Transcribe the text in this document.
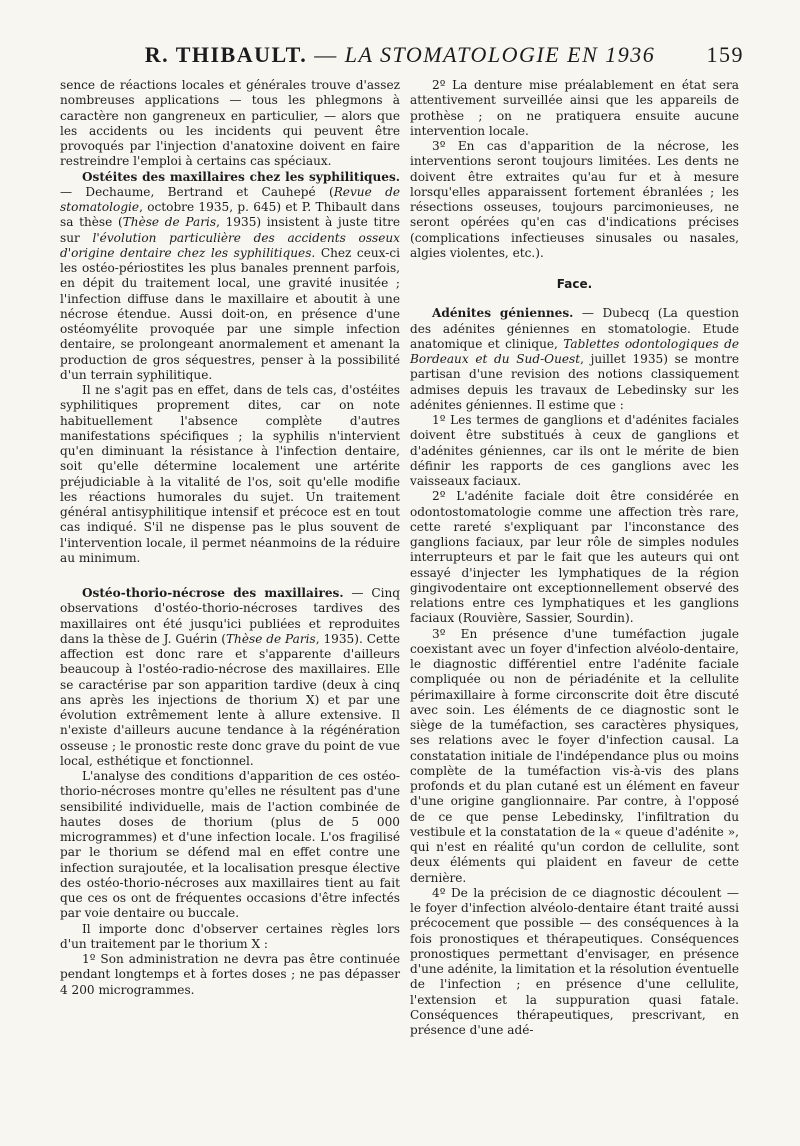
R. THIBAULT. — LA STOMATOLOGIE EN 1936 159

sence de réactions locales et générales trouve d'assez nombreuses applications — tous les phlegmons à caractère non gangreneux en particulier, — alors que les accidents ou les incidents qui peuvent être provoqués par l'injection d'anatoxine doivent en faire restreindre l'emploi à certains cas spéciaux.

Ostéites des maxillaires chez les syphilitiques. — Dechaume, Bertrand et Cauhepé (Revue de stomatologie, octobre 1935, p. 645) et P. Thibault dans sa thèse (Thèse de Paris, 1935) insistent à juste titre sur l'évolution particulière des accidents osseux d'origine dentaire chez les syphilitiques. Chez ceux-ci les ostéo-périostites les plus banales prennent parfois, en dépit du traitement local, une gravité inusitée ; l'infection diffuse dans le maxillaire et aboutit à une nécrose étendue. Aussi doit-on, en présence d'une ostéomyélite provoquée par une simple infection dentaire, se prolongeant anormalement et amenant la production de gros séquestres, penser à la possibilité d'un terrain syphilitique.

Il ne s'agit pas en effet, dans de tels cas, d'ostéites syphilitiques proprement dites, car on note habituellement l'absence complète d'autres manifestations spécifiques ; la syphilis n'intervient qu'en diminuant la résistance à l'infection dentaire, soit qu'elle détermine localement une artérite préjudiciable à la vitalité de l'os, soit qu'elle modifie les réactions humorales du sujet. Un traitement général antisyphilitique intensif et précoce est en tout cas indiqué. S'il ne dispense pas le plus souvent de l'intervention locale, il permet néanmoins de la réduire au minimum.

Ostéo-thorio-nécrose des maxillaires. — Cinq observations d'ostéo-thorio-nécroses tardives des maxillaires ont été jusqu'ici publiées et reproduites dans la thèse de J. Guérin (Thèse de Paris, 1935). Cette affection est donc rare et s'apparente d'ailleurs beaucoup à l'ostéo-radio-nécrose des maxillaires. Elle se caractérise par son apparition tardive (deux à cinq ans après les injections de thorium X) et par une évolution extrêmement lente à allure extensive. Il n'existe d'ailleurs aucune tendance à la régénération osseuse ; le pronostic reste donc grave du point de vue local, esthétique et fonctionnel.

L'analyse des conditions d'apparition de ces ostéo-thorio-nécroses montre qu'elles ne résultent pas d'une sensibilité individuelle, mais de l'action combinée de hautes doses de thorium (plus de 5 000 microgrammes) et d'une infection locale. L'os fragilisé par le thorium se défend mal en effet contre une infection surajoutée, et la localisation presque élective des ostéo-thorio-nécroses aux maxillaires tient au fait que ces os ont de fréquentes occasions d'être infectés par voie dentaire ou buccale.

Il importe donc d'observer certaines règles lors d'un traitement par le thorium X :

1º Son administration ne devra pas être continuée pendant longtemps et à fortes doses ; ne pas dépasser 4 200 microgrammes.

2º La denture mise préalablement en état sera attentivement surveillée ainsi que les appareils de prothèse ; on ne pratiquera ensuite aucune intervention locale.

3º En cas d'apparition de la nécrose, les interventions seront toujours limitées. Les dents ne doivent être extraites qu'au fur et à mesure lorsqu'elles apparaissent fortement ébranlées ; les résections osseuses, toujours parcimonieuses, ne seront opérées qu'en cas d'indications précises (complications infectieuses sinusales ou nasales, algies violentes, etc.).

Face.

Adénites géniennes. — Dubecq (La question des adénites géniennes en stomatologie. Etude anatomique et clinique, Tablettes odontologiques de Bordeaux et du Sud-Ouest, juillet 1935) se montre partisan d'une revision des notions classiquement admises depuis les travaux de Lebedinsky sur les adénites géniennes. Il estime que :

1º Les termes de ganglions et d'adénites faciales doivent être substitués à ceux de ganglions et d'adénites géniennes, car ils ont le mérite de bien définir les rapports de ces ganglions avec les vaisseaux faciaux.

2º L'adénite faciale doit être considérée en odontostomatologie comme une affection très rare, cette rareté s'expliquant par l'inconstance des ganglions faciaux, par leur rôle de simples nodules interrupteurs et par le fait que les auteurs qui ont essayé d'injecter les lymphatiques de la région gingivodentaire ont exceptionnellement observé des relations entre ces lymphatiques et les ganglions faciaux (Rouvière, Sassier, Sourdin).

3º En présence d'une tuméfaction jugale coexistant avec un foyer d'infection alvéolo-dentaire, le diagnostic différentiel entre l'adénite faciale compliquée ou non de périadénite et la cellulite périmaxillaire à forme circonscrite doit être discuté avec soin. Les éléments de ce diagnostic sont le siège de la tuméfaction, ses caractères physiques, ses relations avec le foyer d'infection causal. La constatation initiale de l'indépendance plus ou moins complète de la tuméfaction vis-à-vis des plans profonds et du plan cutané est un élément en faveur d'une origine ganglionnaire. Par contre, à l'opposé de ce que pense Lebedinsky, l'infiltration du vestibule et la constatation de la « queue d'adénite », qui n'est en réalité qu'un cordon de cellulite, sont deux éléments qui plaident en faveur de cette dernière.

4º De la précision de ce diagnostic découlent — le foyer d'infection alvéolo-dentaire étant traité aussi précocement que possible — des conséquences à la fois pronostiques et thérapeutiques. Conséquences pronostiques permettant d'envisager, en présence d'une adénite, la limitation et la résolution éventuelle de l'infection ; en présence d'une cellulite, l'extension et la suppuration quasi fatale. Conséquences thérapeutiques, prescrivant, en présence d'une adé-
